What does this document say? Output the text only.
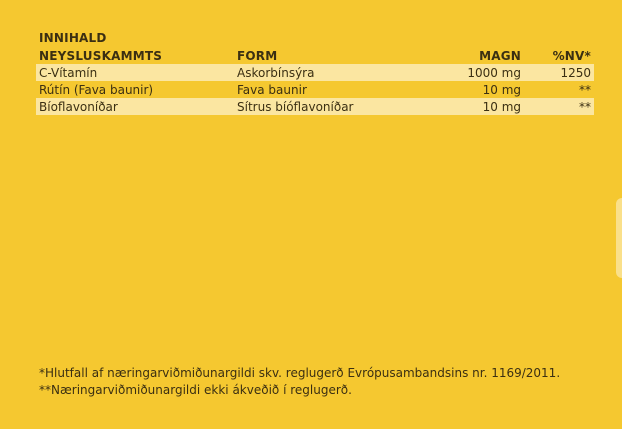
INNIHALD
NEYSLUSKAMMTS	FORM	MAGN	%NV*
C-Vítamín	Askorbínsýra	1000 mg	1250
Rútín (Fava baunir)	Fava baunir	10 mg	**
Bíoflavoníðar	Sítrus bíóflavoníðar	10 mg	**
*Hlutfall af næringarviðmiðunargildi skv. reglugerð Evrópusambandsins nr. 1169/2011.
**Næringarviðmiðunargildi ekki ákveðið í reglugerð.
